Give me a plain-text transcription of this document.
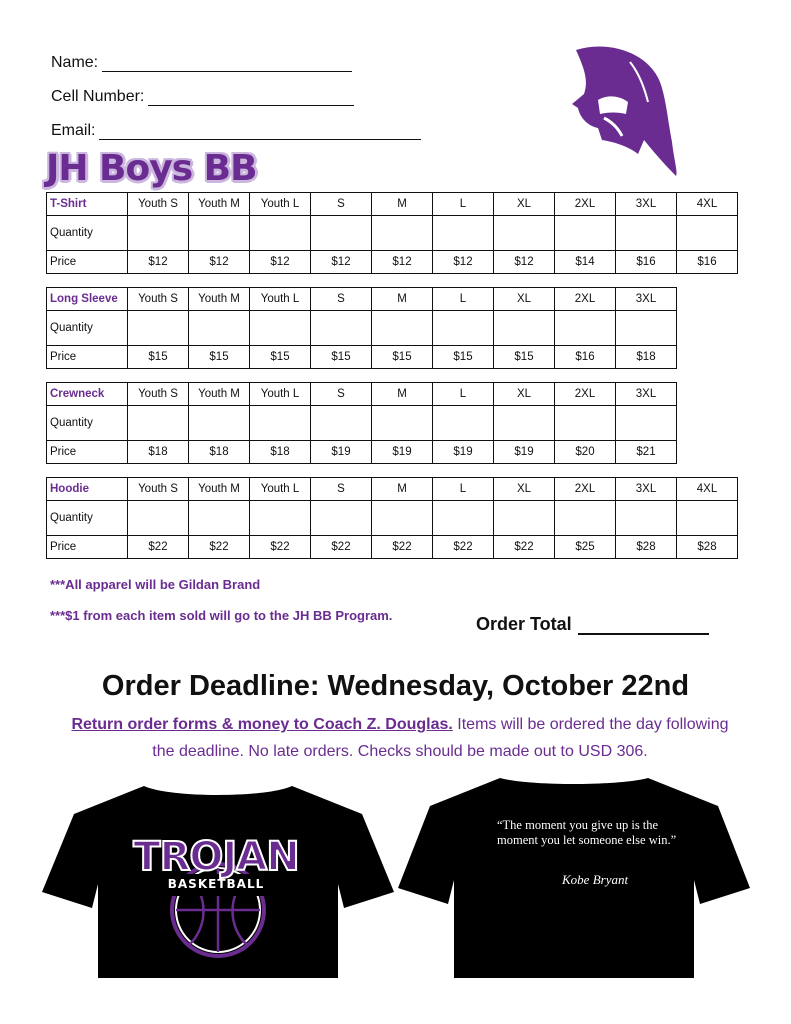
Name:
Cell Number:
Email:
JH Boys BB
T-Shirt	Youth S	Youth M	Youth L	S	M	L	XL	2XL	3XL	4XL
Quantity										
Price	$12	$12	$12	$12	$12	$12	$12	$14	$16	$16
Long Sleeve	Youth S	Youth M	Youth L	S	M	L	XL	2XL	3XL
Quantity									
Price	$15	$15	$15	$15	$15	$15	$15	$16	$18
Crewneck	Youth S	Youth M	Youth L	S	M	L	XL	2XL	3XL
Quantity									
Price	$18	$18	$18	$19	$19	$19	$19	$20	$21
Hoodie	Youth S	Youth M	Youth L	S	M	L	XL	2XL	3XL	4XL
Quantity										
Price	$22	$22	$22	$22	$22	$22	$22	$25	$28	$28
***All apparel will be Gildan Brand
***$1 from each item sold will go to the JH BB Program.	Order Total
Order Deadline: Wednesday, October 22nd
Return order forms & money to Coach Z. Douglas. Items will be ordered the day following the deadline. No late orders. Checks should be made out to USD 306.
TROJAN
BASKETBALL
“The moment you give up is the moment you let someone else win.”
Kobe Bryant
